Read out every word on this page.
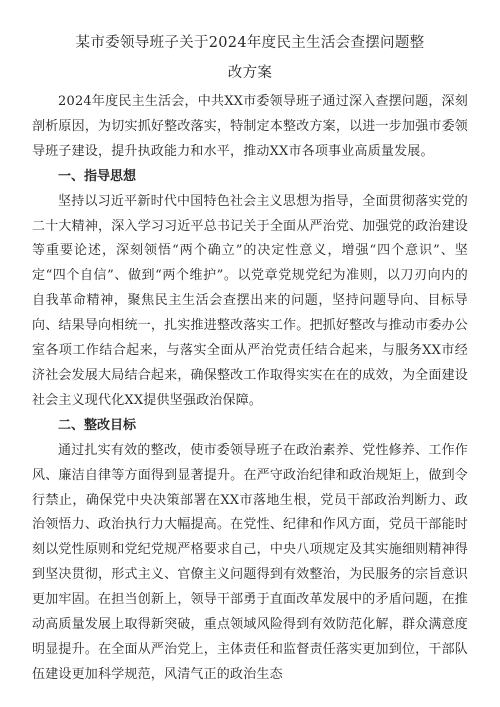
某市委领导班子关于2024年度民主生活会查摆问题整
改方案

2024年度民主生活会，中共XX市委领导班子通过深入查摆问题，深刻剖析原因，为切实抓好整改落实，特制定本整改方案，以进一步加强市委领导班子建设，提升执政能力和水平，推动XX市各项事业高质量发展。

一、指导思想

坚持以习近平新时代中国特色社会主义思想为指导，全面贯彻落实党的二十大精神，深入学习习近平总书记关于全面从严治党、加强党的政治建设等重要论述，深刻领悟“两个确立”的决定性意义，增强“四个意识”、坚定“四个自信”、做到“两个维护”。以党章党规党纪为准则，以刀刃向内的自我革命精神，聚焦民主生活会查摆出来的问题，坚持问题导向、目标导向、结果导向相统一，扎实推进整改落实工作。把抓好整改与推动市委办公室各项工作结合起来，与落实全面从严治党责任结合起来，与服务XX市经济社会发展大局结合起来，确保整改工作取得实实在在的成效，为全面建设社会主义现代化XX提供坚强政治保障。

二、整改目标

通过扎实有效的整改，使市委领导班子在政治素养、党性修养、工作作风、廉洁自律等方面得到显著提升。在严守政治纪律和政治规矩上，做到令行禁止，确保党中央决策部署在XX市落地生根，党员干部政治判断力、政治领悟力、政治执行力大幅提高。在党性、纪律和作风方面，党员干部能时刻以党性原则和党纪党规严格要求自己，中央八项规定及其实施细则精神得到坚决贯彻，形式主义、官僚主义问题得到有效整治，为民服务的宗旨意识更加牢固。在担当创新上，领导干部勇于直面改革发展中的矛盾问题，在推动高质量发展上取得新突破，重点领域风险得到有效防范化解，群众满意度明显提升。在全面从严治党上，主体责任和监督责任落实更加到位，干部队伍建设更加科学规范，风清气正的政治生态
